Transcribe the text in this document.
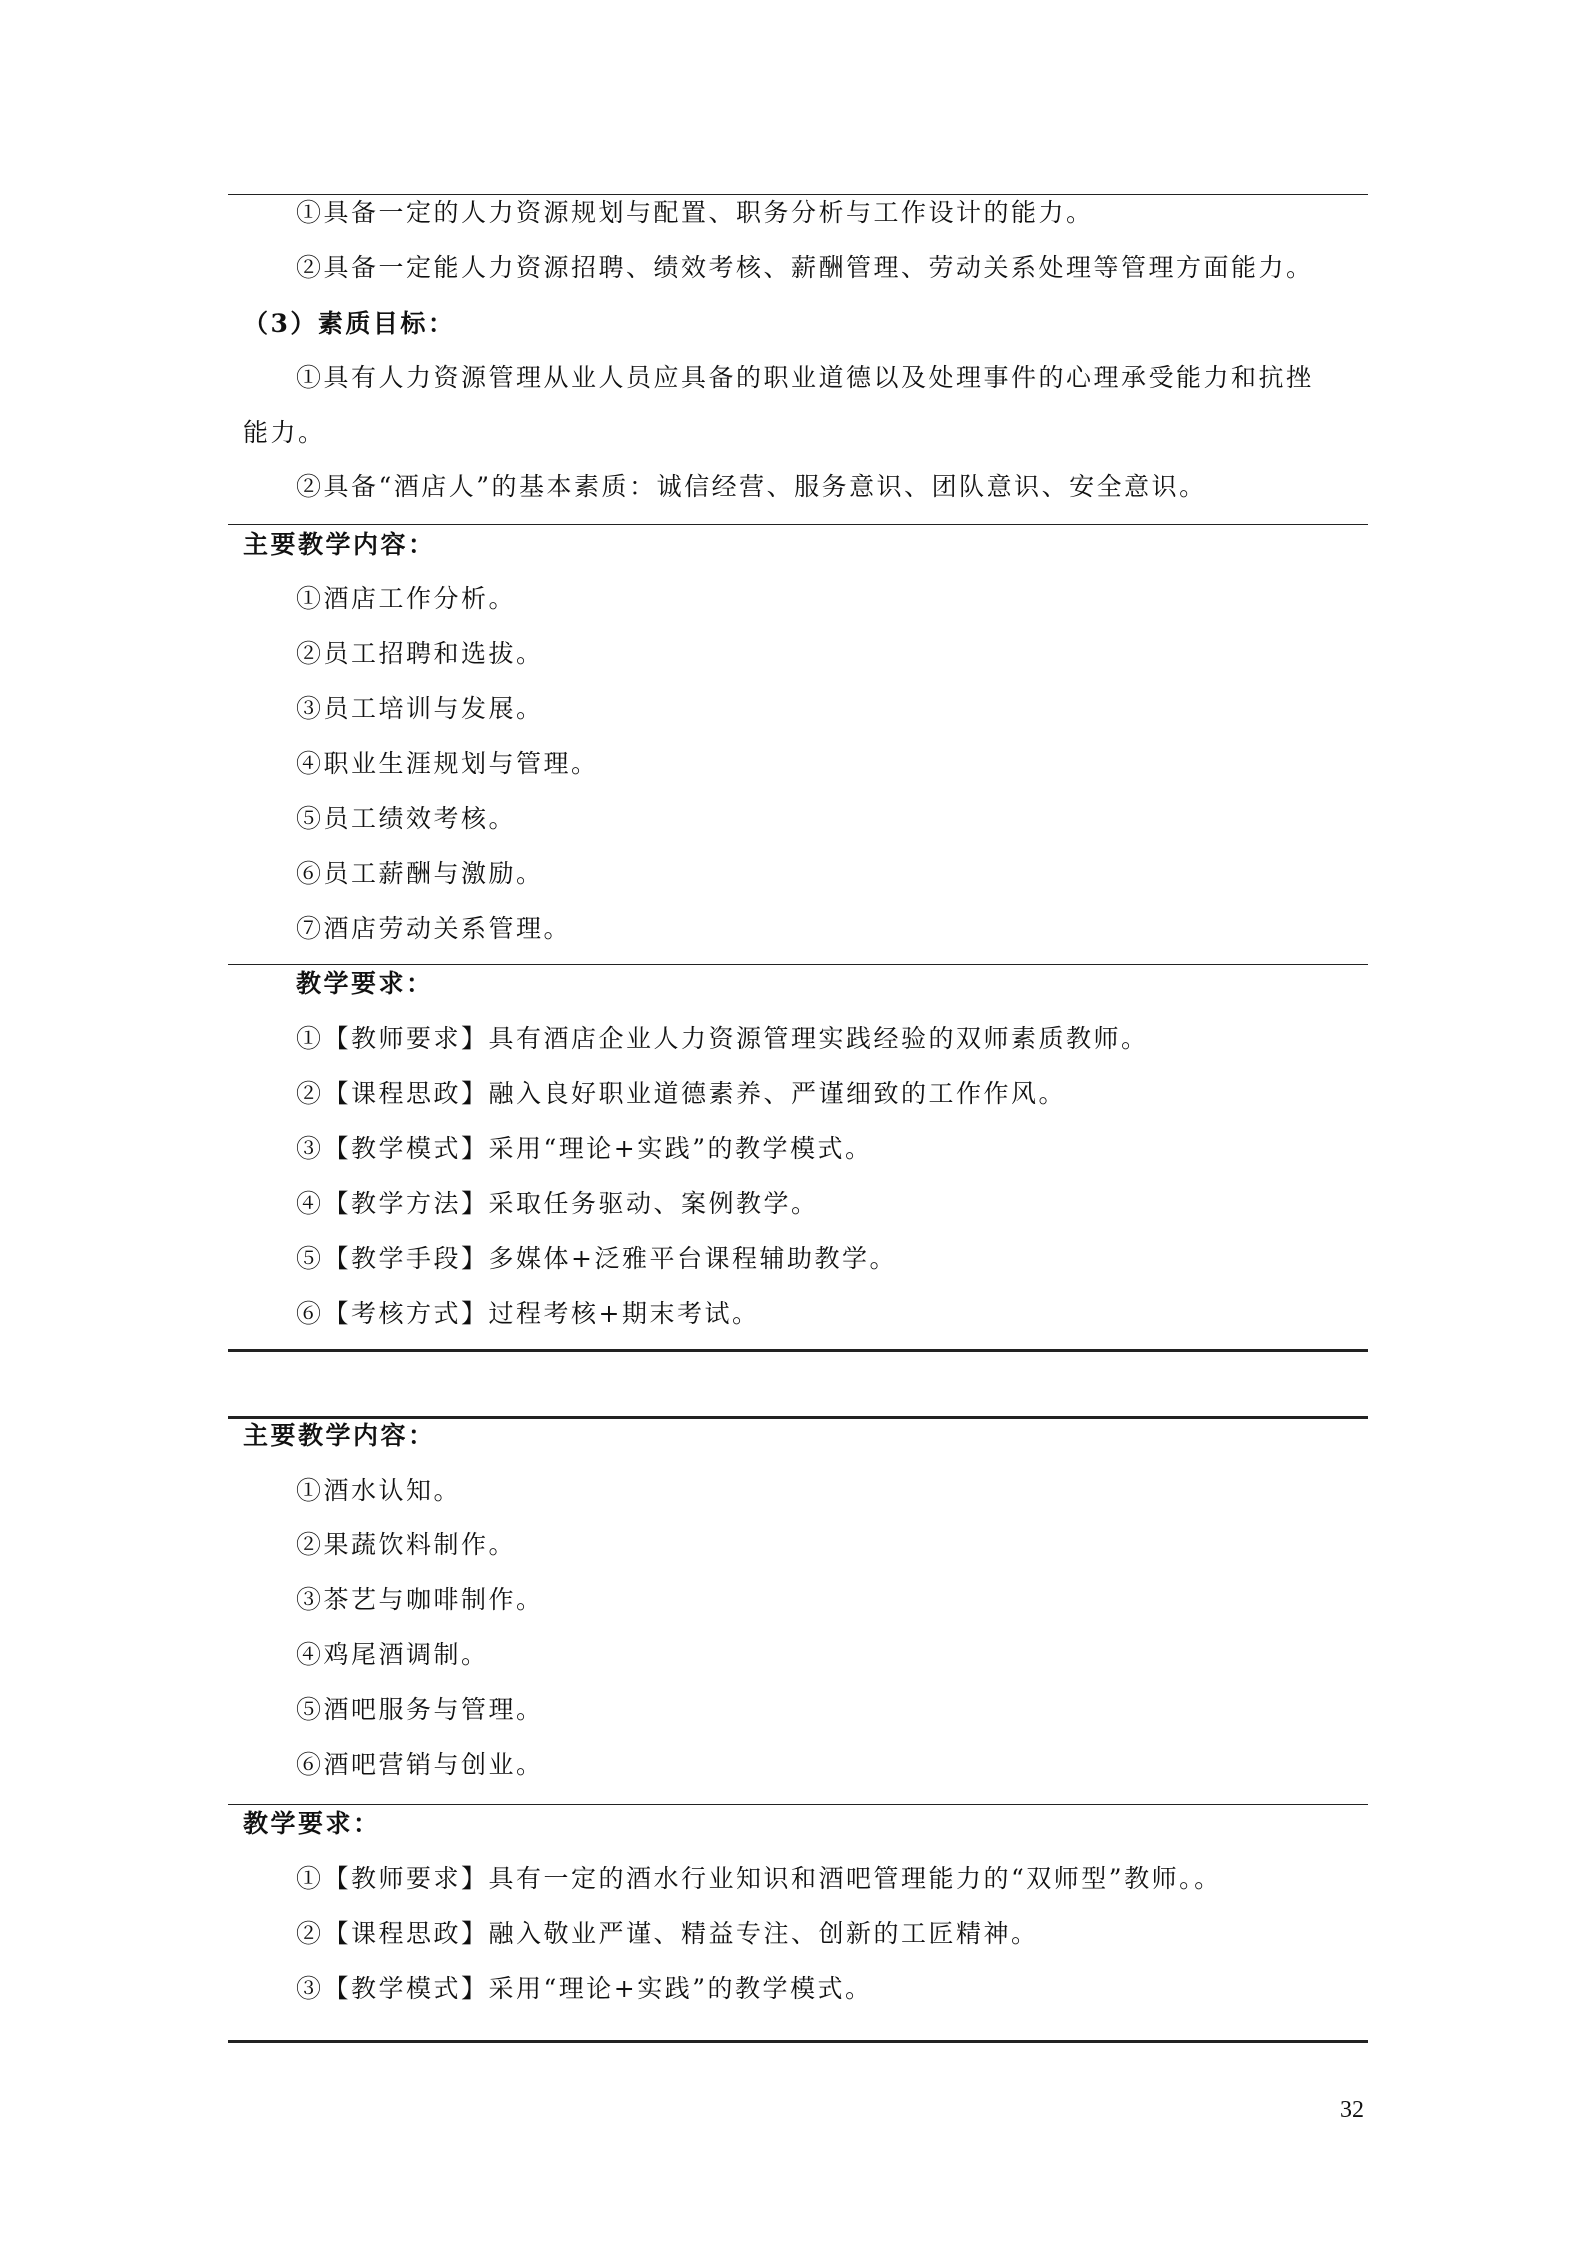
①具备一定的人力资源规划与配置、职务分析与工作设计的能力。
②具备一定能人力资源招聘、绩效考核、薪酬管理、劳动关系处理等管理方面能力。
（3）素质目标：
①具有人力资源管理从业人员应具备的职业道德以及处理事件的心理承受能力和抗挫
能力。
②具备“酒店人”的基本素质：诚信经营、服务意识、团队意识、安全意识。
主要教学内容：
①酒店工作分析。
②员工招聘和选拔。
③员工培训与发展。
④职业生涯规划与管理。
⑤员工绩效考核。
⑥员工薪酬与激励。
⑦酒店劳动关系管理。
教学要求：
①【教师要求】具有酒店企业人力资源管理实践经验的双师素质教师。
②【课程思政】融入良好职业道德素养、严谨细致的工作作风。
③【教学模式】采用“理论+实践”的教学模式。
④【教学方法】采取任务驱动、案例教学。
⑤【教学手段】多媒体+泛雅平台课程辅助教学。
⑥【考核方式】过程考核+期末考试。
主要教学内容：
①酒水认知。
②果蔬饮料制作。
③茶艺与咖啡制作。
④鸡尾酒调制。
⑤酒吧服务与管理。
⑥酒吧营销与创业。
教学要求：
①【教师要求】具有一定的酒水行业知识和酒吧管理能力的“双师型”教师。。
②【课程思政】融入敬业严谨、精益专注、创新的工匠精神。
③【教学模式】采用“理论+实践”的教学模式。
32
